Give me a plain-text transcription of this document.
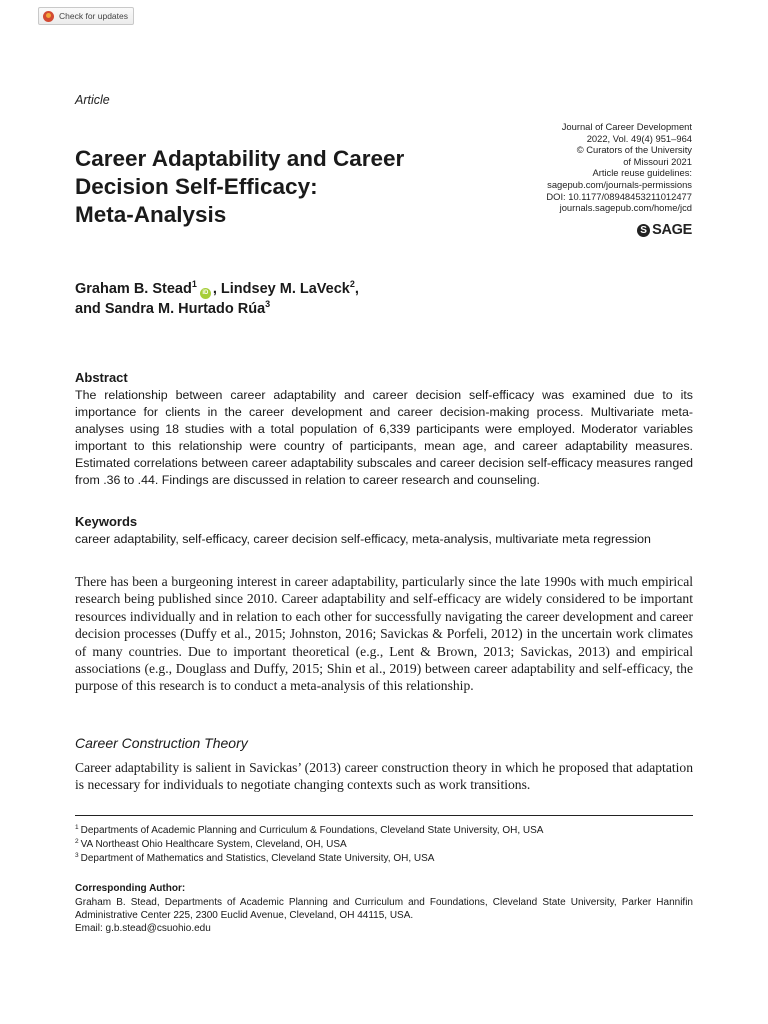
Check for updates
Article
Journal of Career Development
2022, Vol. 49(4) 951–964
© Curators of the University
of Missouri 2021
Article reuse guidelines:
sagepub.com/journals-permissions
DOI: 10.1177/08948453211012477
journals.sagepub.com/home/jcd
S SAGE
Career Adaptability and Career
Decision Self-Efficacy:
Meta-Analysis
Graham B. Stead$^1$iD , Lindsey M. LaVeck$^2$,
and Sandra M. Hurtado Rúa$^3$
Abstract
The relationship between career adaptability and career decision self-efficacy was examined due to its importance for clients in the career development and career decision-making process. Multivariate meta-analyses using 18 studies with a total population of 6,339 participants were employed. Moderator variables important to this relationship were country of participants, mean age, and career adaptability measures. Estimated correlations between career adaptability subscales and career decision self-efficacy measures ranged from .36 to .44. Findings are discussed in relation to career research and counseling.
Keywords
career adaptability, self-efficacy, career decision self-efficacy, meta-analysis, multivariate meta regression
There has been a burgeoning interest in career adaptability, particularly since the late 1990s with much empirical research being published since 2010. Career adaptability and self-efficacy are widely considered to be important resources individually and in relation to each other for successfully navigating the career development and career decision processes (Duffy et al., 2015; Johnston, 2016; Savickas & Porfeli, 2012) in the uncertain work climates of many countries. Due to important theoretical (e.g., Lent & Brown, 2013; Savickas, 2013) and empirical associations (e.g., Douglass and Duffy, 2015; Shin et al., 2019) between career adaptability and self-efficacy, the purpose of this research is to conduct a meta-analysis of this relationship.
Career Construction Theory
Career adaptability is salient in Savickas’ (2013) career construction theory in which he proposed that adaptation is necessary for individuals to negotiate changing contexts such as work transitions.
$^1$ Departments of Academic Planning and Curriculum & Foundations, Cleveland State University, OH, USA
$^2$ VA Northeast Ohio Healthcare System, Cleveland, OH, USA
$^3$ Department of Mathematics and Statistics, Cleveland State University, OH, USA
Corresponding Author:
Graham B. Stead, Departments of Academic Planning and Curriculum and Foundations, Cleveland State University, Parker Hannifin Administrative Center 225, 2300 Euclid Avenue, Cleveland, OH 44115, USA.
Email: g.b.stead@csuohio.edu
